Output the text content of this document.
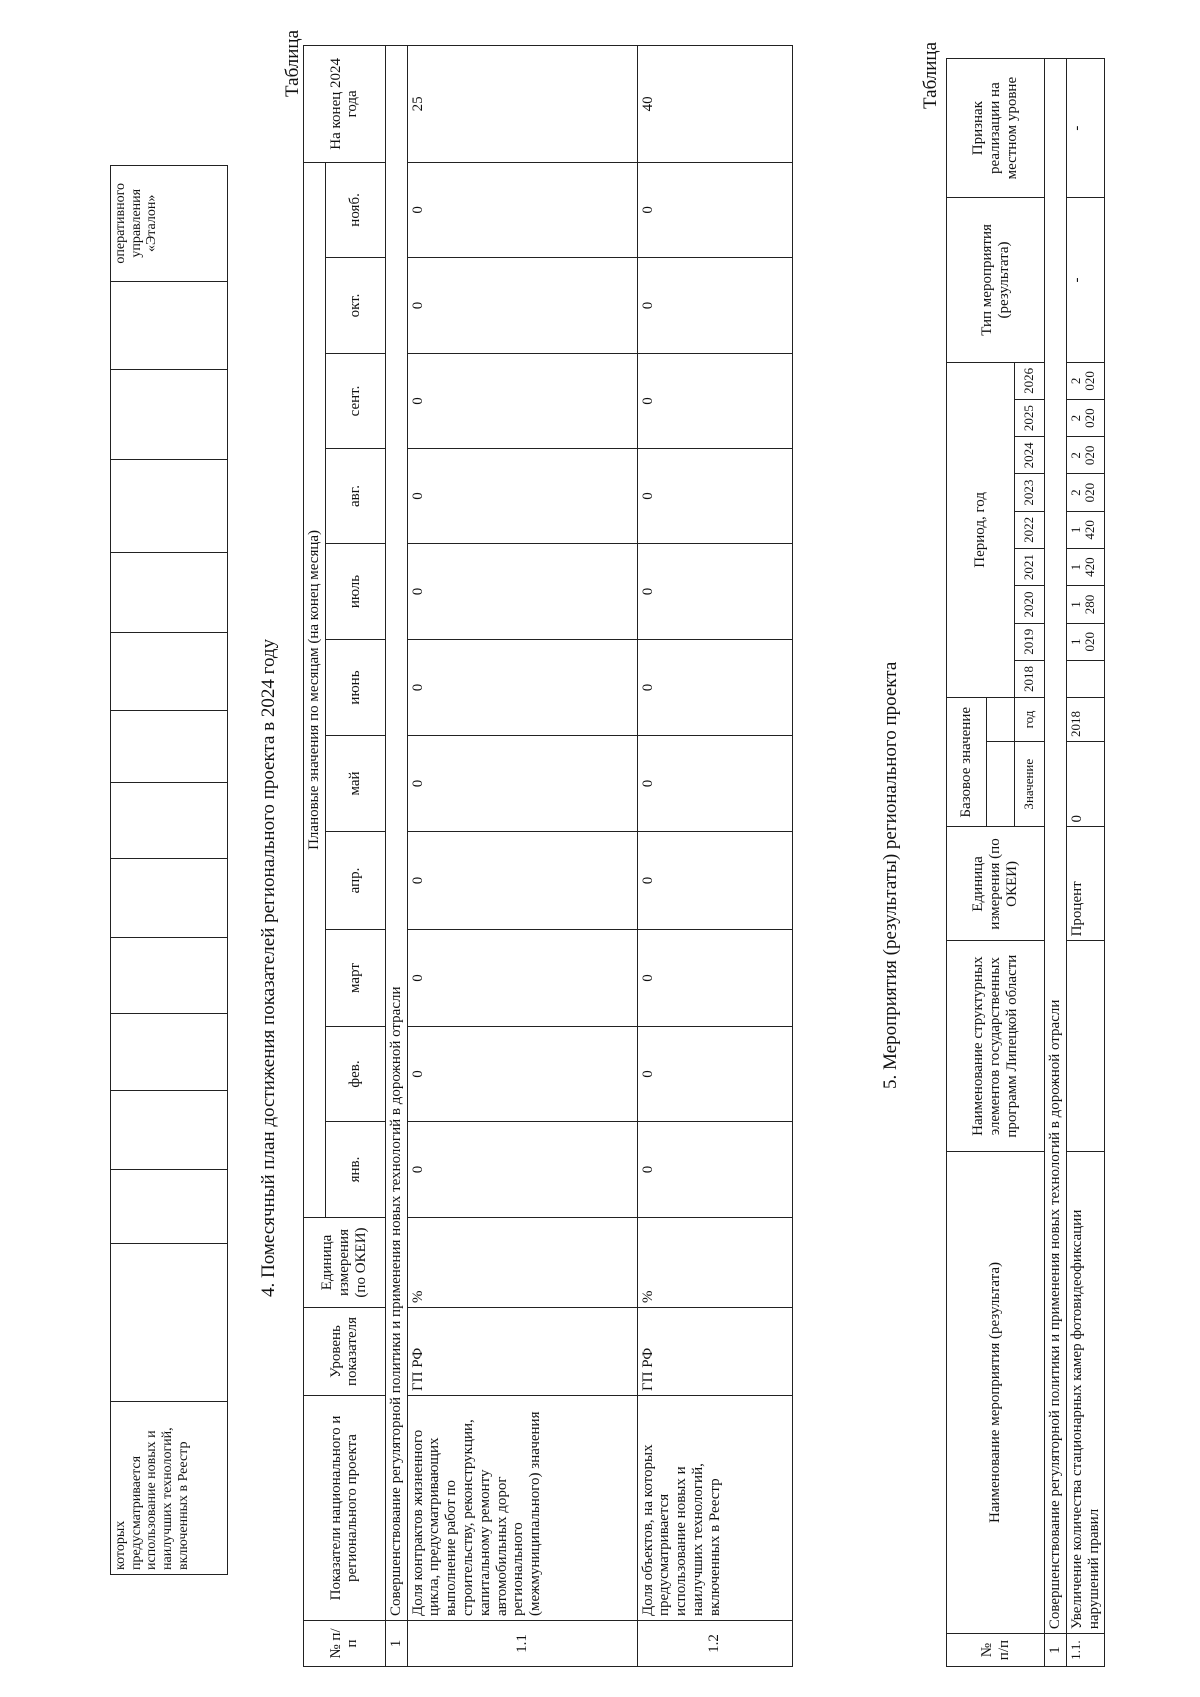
которых предусматривается использование новых и наилучших технологий, включенных в Реестр														оперативного управления «Эталон»
4. Помесячный план достижения показателей регионального проекта в 2024 году
Таблица
№ п/п	Показатели национального и регионального проекта	Уровень показателя	Единица измерения (по ОКЕИ)	Плановые значения по месяцам (на конец месяца)											На конец 2024 года
				янв.	фев.	март	апр.	май	июнь	июль	авг.	сент.	окт.	нояб.	
1	Совершенствование регуляторной политики и применения новых технологий в дорожной отрасли														
1.1	Доля контрактов жизненного цикла, предусматривающих выполнение работ по строительству, реконструкции, капитальному ремонту автомобильных дорог регионального (межмуниципального) значения	ГП РФ	%	0	0	0	0	0	0	0	0	0	0	0	25
1.2	Доля объектов, на которых предусматривается использование новых и наилучших технологий, включенных в Реестр	ГП РФ	%	0	0	0	0	0	0	0	0	0	0	0	40
5. Мероприятия (результаты) регионального проекта
Таблица
№ п/п	Наименование мероприятия (результата)	Наименование структурных элементов государственных программ Липецкой области	Единица измерения (по ОКЕИ)	Базовое значение		Период, год									Тип мероприятия (результата)	Признак реализации на местном уровне

				Значение	год	2018	2019	2020	2021	2022	2023	2024	2025	2026		
1	Совершенствование регуляторной политики и применения новых технологий в дорожной отрасли															
1.1.	Увеличение количества стационарных камер фотовидеофиксации нарушений правил		Процент	0	2018		1 020	1 280	1 420	1 420	2 020	2 020	2 020	2 020	-	-
